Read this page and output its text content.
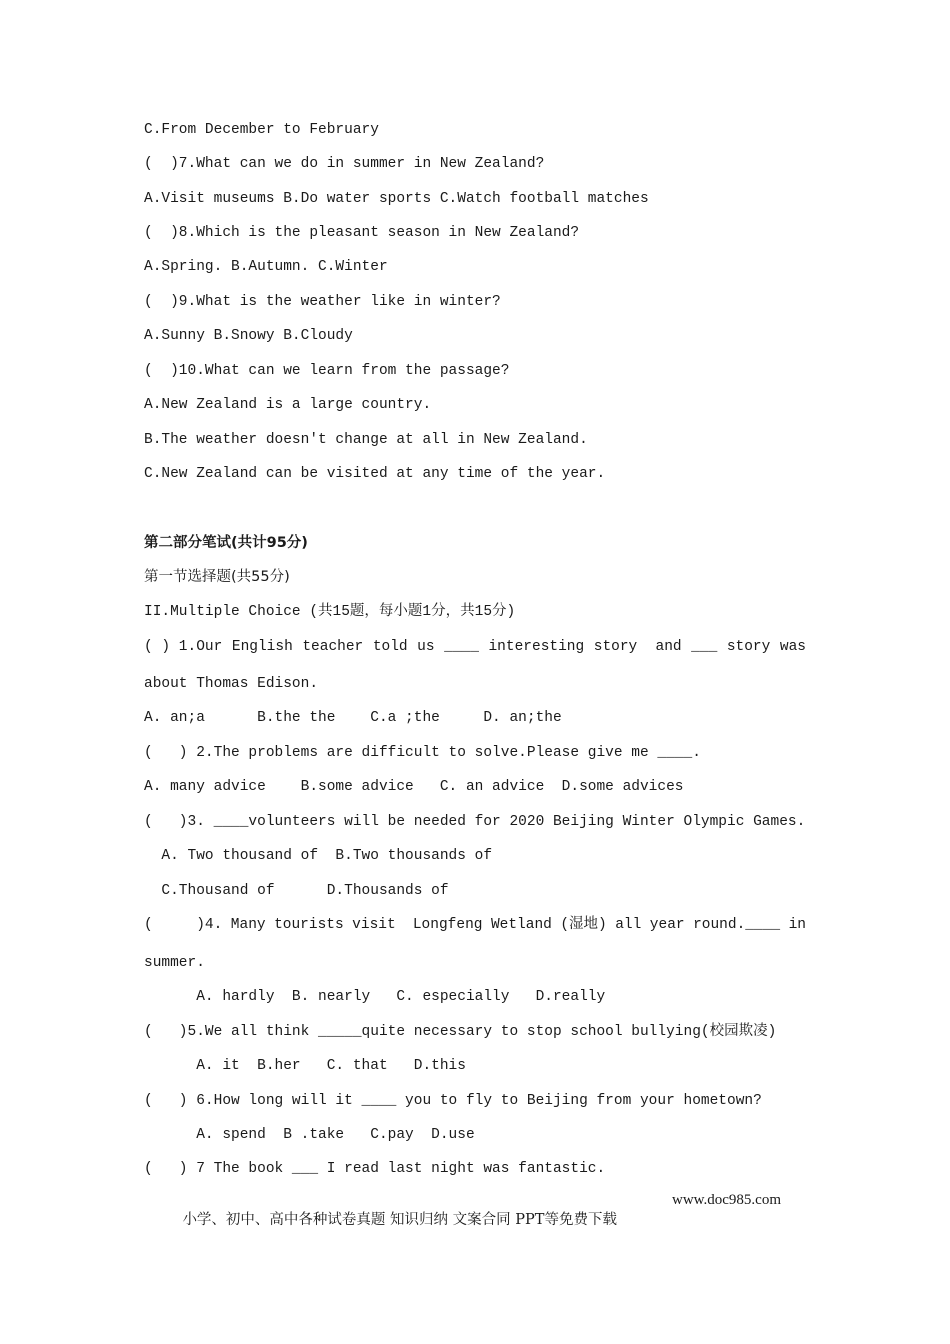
C.From December to February
(  )7.What can we do in summer in New Zealand?
A.Visit museums B.Do water sports C.Watch football matches
(  )8.Which is the pleasant season in New Zealand?
A.Spring. B.Autumn. C.Winter
(  )9.What is the weather like in winter?
A.Sunny B.Snowy B.Cloudy
(  )10.What can we learn from the passage?
A.New Zealand is a large country.
B.The weather doesn't change at all in New Zealand.
C.New Zealand can be visited at any time of the year.
第二部分笔试(共计95分)
第一节选择题(共55分)
II.Multiple Choice (共15题，每小题1分，共15分)
( ) 1.Our English teacher told us ____ interesting story and ___ story was
about Thomas Edison.
A. an;a      B.the the    C.a ;the     D. an;the
(   ) 2.The problems are difficult to solve.Please give me ____.
A. many advice    B.some advice   C. an advice  D.some advices
(   )3. ____volunteers will be needed for 2020 Beijing Winter Olympic Games.
A. Two thousand of  B.Two thousands of
C.Thousand of      D.Thousands of
(     )4. Many tourists visit Longfeng Wetland (湿地) all year round.____ in
summer.
A. hardly  B. nearly   C. especially   D.really
(   )5.We all think _____quite necessary to stop school bullying(校园欺凌)
A. it  B.her   C. that   D.this
(   ) 6.How long will it ____ you to fly to Beijing from your hometown?
A. spend  B .take   C.pay  D.use
(   ) 7 The book ___ I read last night was fantastic.

小学、初中、高中各种试卷真题 知识归纳 文案合同 PPT等免费下载

www.doc985.com
